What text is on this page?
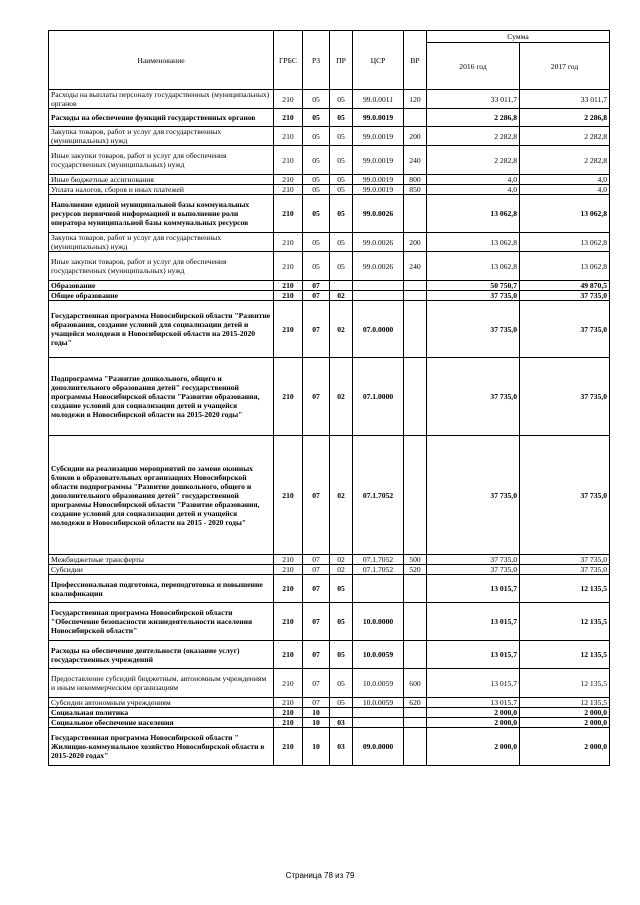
Наименование	ГРБС	РЗ	ПР	ЦСР	ВР	Сумма	
						2016 год	2017 год
Расходы на выплаты персоналу государственных (муниципальных) органов	210	05	05	99.0.0011	120	33 011,7	33 011,7
Расходы на обеспечение функций государственных органов	210	05	05	99.0.0019		2 286,8	2 286,8
Закупка товаров, работ и услуг для государственных (муниципальных) нужд	210	05	05	99.0.0019	200	2 282,8	2 282,8
Иные закупки товаров, работ и услуг для обеспечения государственных (муниципальных) нужд	210	05	05	99.0.0019	240	2 282,8	2 282,8
Иные бюджетные ассигнования	210	05	05	99.0.0019	800	4,0	4,0
Уплата налогов, сборов и иных платежей	210	05	05	99.0.0019	850	4,0	4,0
Наполнение единой муниципальной базы коммунальных ресурсов первичной информацией и выполнение роли оператора муниципальной базы коммунальных ресурсов	210	05	05	99.0.0026		13 062,8	13 062,8
Закупка товаров, работ и услуг для государственных (муниципальных) нужд	210	05	05	99.0.0026	200	13 062,8	13 062,8
Иные закупки товаров, работ и услуг для обеспечения государственных (муниципальных) нужд	210	05	05	99.0.0026	240	13 062,8	13 062,8
Образование	210	07				50 750,7	49 870,5
Общее образование	210	07	02			37 735,0	37 735,0
Государственная программа Новосибирской области "Развитие образования, создание условий для социализации детей и учащейся молодежи в Новосибирской области на 2015-2020 годы"	210	07	02	07.0.0000		37 735,0	37 735,0
Подпрограмма "Развитие дошкольного, общего и дополнительного образования детей" государственной программы Новосибирской области "Развитие образования, создание условий для социализации детей и учащейся молодежи в Новосибирской области на 2015-2020 годы"	210	07	02	07.1.0000		37 735,0	37 735,0
Субсидии на реализацию мероприятий по замене оконных блоков в образовательных организациях Новосибирской области подпрограммы "Развитие дошкольного, общего и дополнительного образования детей" государственной программы Новосибирской области "Развитие образования, создание условий для социализации детей и учащейся молодежи в Новосибирской области на 2015 - 2020 годы"	210	07	02	07.1.7052		37 735,0	37 735,0
Межбюджетные трансферты	210	07	02	07.1.7052	500	37 735,0	37 735,0
Субсидии	210	07	02	07.1.7052	520	37 735,0	37 735,0
Профессиональная подготовка, переподготовка и повышение квалификации	210	07	05			13 015,7	12 135,5
Государственная программа Новосибирской области "Обеспечение безопасности жизнедеятельности населения Новосибирской области"	210	07	05	10.0.0000		13 015,7	12 135,5
Расходы на обеспечение деятельности (оказание услуг) государственных учреждений	210	07	05	10.0.0059		13 015,7	12 135,5
Предоставление субсидий бюджетным, автономным учреждениям и иным некоммерческим организациям	210	07	05	10.0.0059	600	13 015,7	12 135,5
Субсидии автономным учреждениям	210	07	05	10.0.0059	620	13 015,7	12 135,5
Социальная политика	210	10				2 000,0	2 000,0
Социальное обеспечение населения	210	10	03			2 000,0	2 000,0
Государственная программа Новосибирской области " Жилищно-коммунальное хозяйство Новосибирской области в 2015-2020 годах"	210	10	03	09.0.0000		2 000,0	2 000,0
Страница 78 из 79
